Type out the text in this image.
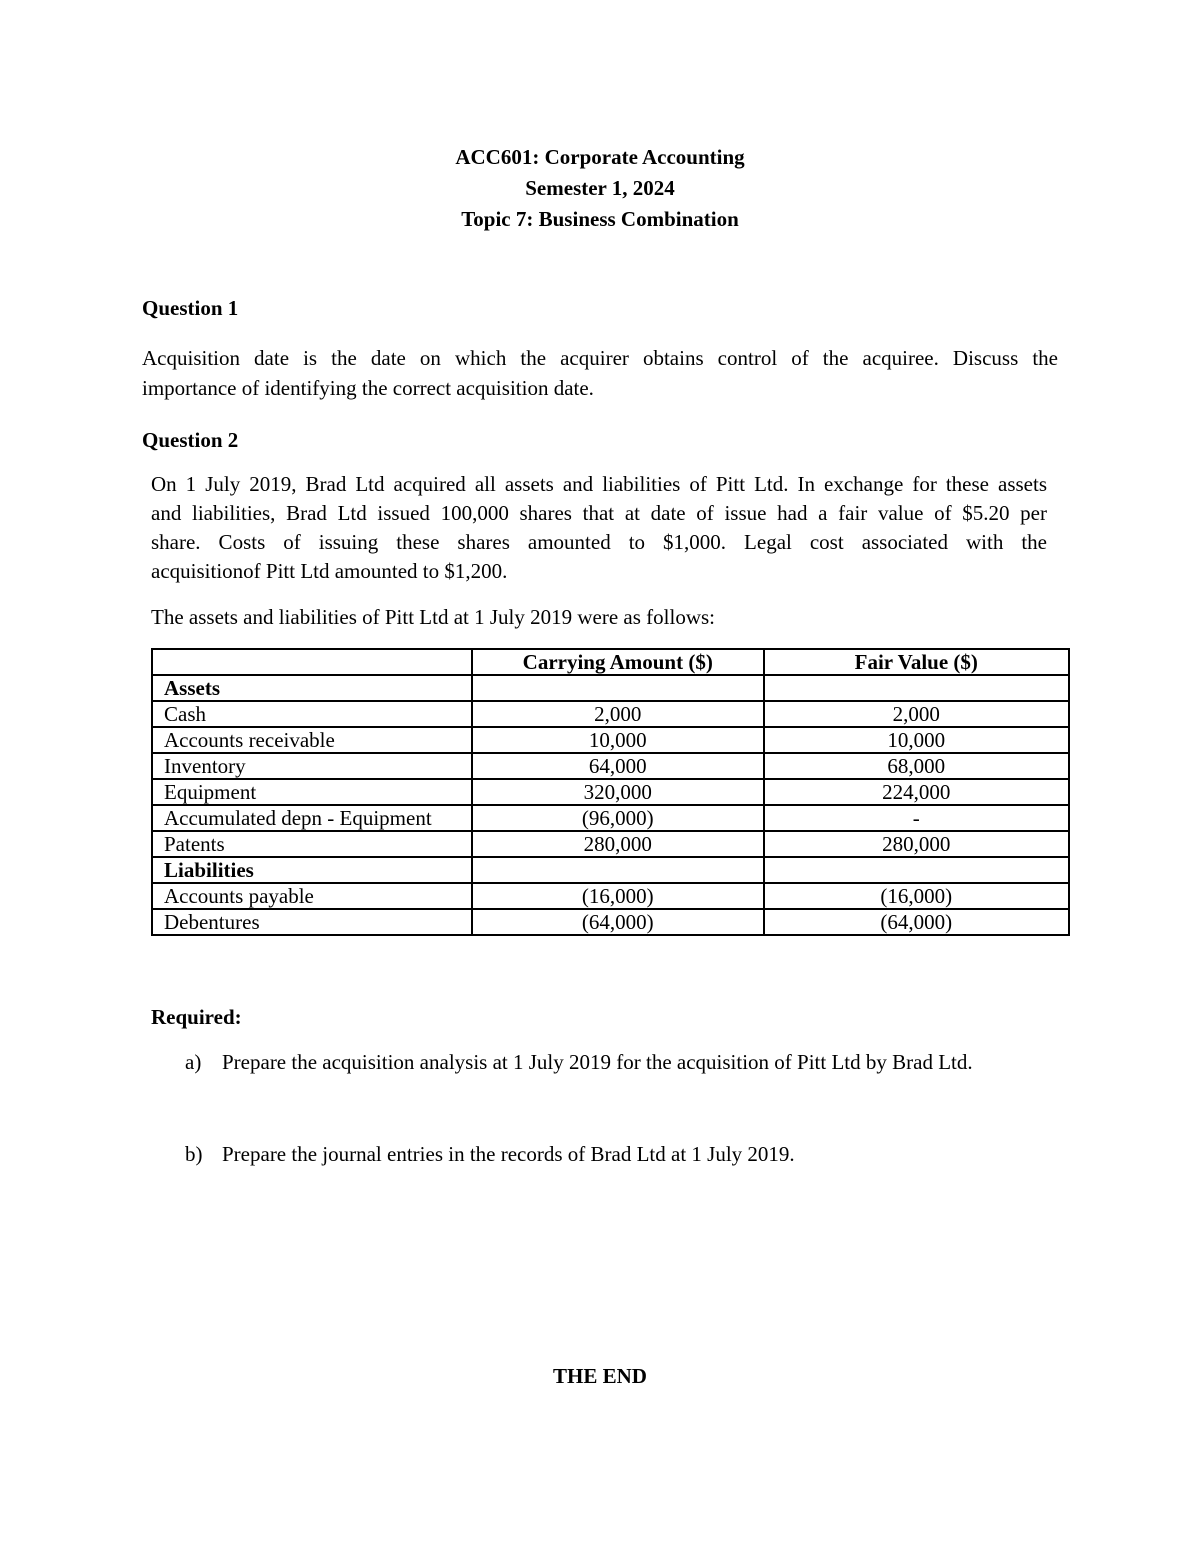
ACC601: Corporate Accounting
Semester 1, 2024
Topic 7: Business Combination
Question 1
Acquisition date is the date on which the acquirer obtains control of the acquiree. Discuss the
importance of identifying the correct acquisition date.
Question 2
On 1 July 2019, Brad Ltd acquired all assets and liabilities of Pitt Ltd. In exchange for these assets
and liabilities, Brad Ltd issued 100,000 shares that at date of issue had a fair value of $5.20 per
share. Costs of issuing these shares amounted to $1,000. Legal cost associated with the
acquisitionof Pitt Ltd amounted to $1,200.
The assets and liabilities of Pitt Ltd at 1 July 2019 were as follows:
	Carrying Amount ($)	Fair Value ($)
Assets		
Cash	2,000	2,000
Accounts receivable	10,000	10,000
Inventory	64,000	68,000
Equipment	320,000	224,000
Accumulated depn - Equipment	(96,000)	-
Patents	280,000	280,000
Liabilities		
Accounts payable	(16,000)	(16,000)
Debentures	(64,000)	(64,000)
Required:
a) Prepare the acquisition analysis at 1 July 2019 for the acquisition of Pitt Ltd by Brad Ltd.
b) Prepare the journal entries in the records of Brad Ltd at 1 July 2019.
THE END
